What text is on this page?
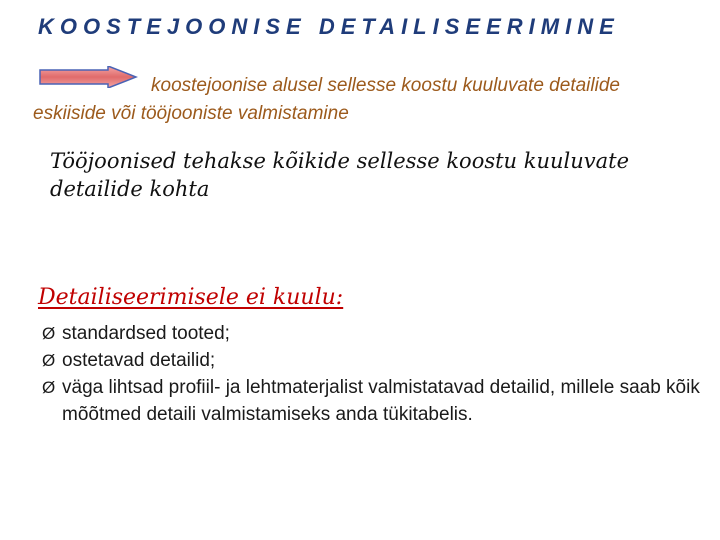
KOOSTEJOONISE DETAILISEERIMINE
koostejoonise alusel sellesse koostu kuuluvate detailide eskiiside või tööjooniste valmistamine
Tööjoonised tehakse kõikide sellesse koostu kuuluvate detailide kohta
Detailiseerimisele ei kuulu:
Ø standardsed tooted;
Ø ostetavad detailid;
Ø väga lihtsad profiil- ja lehtmaterjalist valmistatavad detailid, millele saab kõik mõõtmed detaili valmistamiseks anda tükitabelis.
